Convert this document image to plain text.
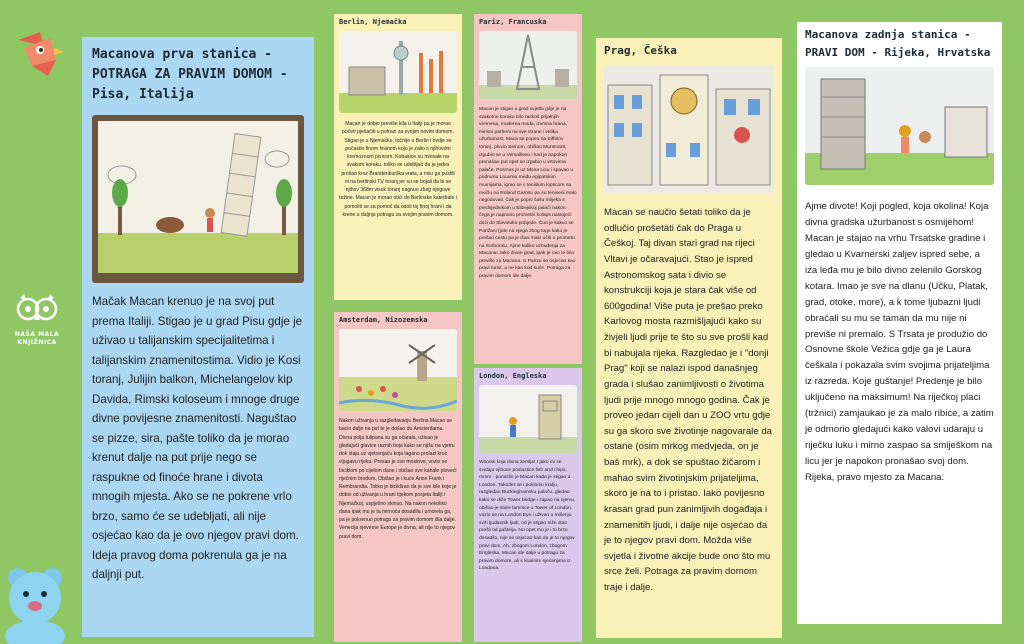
NAŠA MALA
KNJIŽNICA
Macanova prva stanica - POTRAGA ZA PRAVIM DOMOM - Pisa, Italija
Mačak Macan krenuo je na svoj put prema Italiji. Stigao je u grad Pisu gdje je uživao u talijanskim specijalitetima i talijanskim znamenitostima. Vidio je Kosi toranj, Julijin balkon, Michelangelov kip Davida, Rimski koloseum i mnoge druge divne povijesne znamenitosti. Naguštao se pizze, sira, pašte toliko da je morao krenut dalje na put prije nego se raspukne od finoće hrane i divota mnogih mjesta. Ako se ne pokrene vrlo brzo, samo će se udebljati, ali nije osjećao kao da je ovo njegov pravi dom. Ideja pravog doma pokrenula ga je na daljnji put.
Berlin, Njemačka
Macan je dobio previše kila u Italiji pa je morao početi pješačiti u potrazi za svojim novim domom. Stigao je u Njemačku, točnije u Berlin i ovdje se počastio finom hranom koju je zalio s njihovom kremoznom pivicom. Kobasice su mirisale na svakom koraku, toliko se udebljao da je jedva prošao kroz Brandenburška vrata, a nisu ga pustili ni na berlinski TV toranj jer su se bojali da bi se njihov 368m visok toranj nagnuo zbog njegove težine. Macan je morao otići do Berlinske katedrale i pomoliti se za pomoć da odoli toj finoj hrani i da krene u daljnju potragu za svojim pravim domom.
Pariz, Francuska
Macan je stigao u grad svjetla gdje je na svakome koraku bilo raskoš prijatnjih vremena, moderna moda, izvrsna hrana, mirisni parfemi na sve strane i velika užurbanost. Maca se popeo na Eiffelov toranj, plovio Seinom, obišao Montmartr, izgubio se u Versaillesu i kad je napokon pronašao put opet se izgubio u vrtovima palače. Posmus je uz Mona Lisu i spavao u podrumu Louvrea među egipatskim mumijama, igrao se s teniskim lopticom na mečlu na Roland Garosu pa su teniserii malo negodovali. Čak je popio čašu mlijeka s predsjednikom u Elizejskoj palači nakon čega je napravio prometni kolaps nastojeći doći do Slavoluka pobjede. Čuo je kakvo se Parižani (jute na njega zbog togo kako je prešao cestu pa je išao malo učiti o prometu na Sorbonnu. Ajme koliko uzbuđenja za Macana! Jako divan grad, ipak je ovo te bilo previše za Macana. U Parizu se osjećao kao pravi turist, a ne kao kod kuće. Potraga za pravim domom ide dalje.
Amsterdam, Nizozemska
Nakon uživanja u razgledavanju Berlina Macan se bacio dalje na put te je došao do Amsterdama. Divna polja tulipana su ga očarala, uživao je gledajući glavice raznih boja kako se njišu na vjetru dok staju uz vjetrenjaču koja lagano prolazi kroz vijugavu rijeku. Presao je sve mostove, vozio se biciklom po cijelom dane i obišao sve kanale ploveći riječnim brodom. Obišao je i kuće Anne Frank i Rembrandta. Toliko je biciklirao da je sve kile koje je dobio od uživanja u hrani tijekom posjeta Italiji i Njemačkoj, uspješno skinuo. Na nakon nekoliko dana ipak mu je ta mirnoća dosadila i umorela ga, pa je pokrenuo potragu za pravim domom išla dalje. Venecija sjeverne Europe je divna, ali nije to njegov pravi dom.
London, Engleska
Wooow koja divna zemlja! I jako mi se svidaju njihove poslastice fish and chips, mmm - pomislio je Macan kada je stigao u London. Također se i pokloniu kralju, razgledao Buckinghamsku palaču, gledao kako se diže Tower bridge i zapao na njemu, obišao je stare tamnice u Tower of London, vozio se na London Eye i uživao u mišenju svih ljudasnih ljudi, od je stigao niže stao prešli od gušteija. No opet mu je i to brzo dosadilo, nije se osjećao kao da je to njegov pravi dom. Ah, zbogom London, zbogom Engleska, Macan ide dalje u potragu za pravim domom, ali s krasnim sjećanjima iz Londona.
Prag, Češka
Macan se naučio šetati toliko da je odlučio prošetati čak do Praga u Češkoj. Taj divan stari grad na rijeci Vltavi je očaravajući. Stao je ispred Astronomskog sata i divio se konstrukciji koja je stara čak više od 600godina! Više puta je prešao preko Karlovog mosta razmišljajući kako su živjeli ljudi prije te što su sve prošli kad bi nabujala rijeka. Razgledao je i "donji Prag" koji se nalazi ispod današnjeg grada i slušao zanimljivosti o životima ljudi prije mnogo mnogo godina. Čak je proveo jedan cijeli dan u ZOO vrtu gdje su ga skoro sve životinje nagovarale da ostane (osim mrkog medvjeda, on je baš mrk), a dok se spuštao žičarom i mahao svim životinjskim prijateljima, skoro je na to i pristao. Iako povijesno krasan grad pun zanimljivih događaja i znamenitih ljudi, i dalje nije osjećao da je to njegov pravi dom. Možda više svjetla i životne akcije bude ono što mu srce želi. Potraga za pravim domom traje i dalje.
Macanova zadnja stanica - PRAVI DOM - Rijeka, Hrvatska
Ajme divote! Koji pogled, koja okolina! Koja divna gradska užurbanost s osmijehom! Macan je stajao na vrhu Trsatske gradine i gledao u Kvarnerski zaljev ispred sebe, a iza leđa mu je bilo divno zelenilo Gorskog kotara. Imao je sve na dlanu (Učku, Platak, grad, otoke, more), a k tome ljubazni ljudi obraćali su mu se taman da mu nije ni previše ni premalo. S Trsata je produžio do Osnovne škole Vežica gdje ga je Laura češkala i pokazala svim svojima prijateljima iz razreda. Koje guštanje! Predenje je bilo uključeno na maksimum! Na riječkoj placi (tržnici) zamjaukao je za malo ribice, a zatim je odmorio gledajući kako valovi udaraju u riječku luku i mirno zaspao sa smiješkom na licu jer je napokon pronašao svoj dom. Rijeka, pravo mjesto za Macana.
